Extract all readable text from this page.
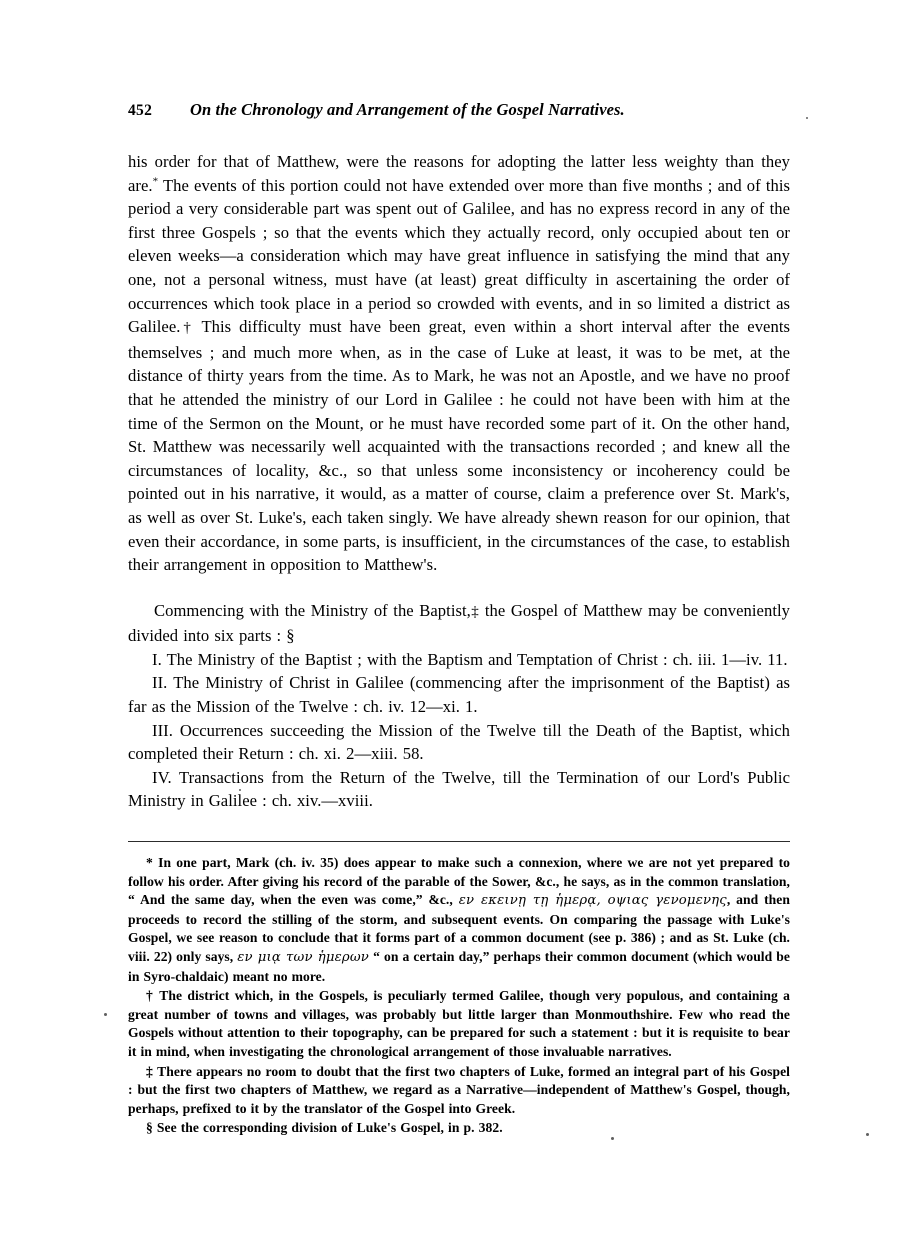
452	On the Chronology and Arrangement of the Gospel Narratives.

his order for that of Matthew, were the reasons for adopting the latter less weighty than they are.* The events of this portion could not have extended over more than five months ; and of this period a very considerable part was spent out of Galilee, and has no express record in any of the first three Gospels ; so that the events which they actually record, only occupied about ten or eleven weeks—a consideration which may have great influence in satisfying the mind that any one, not a personal witness, must have (at least) great difficulty in ascertaining the order of occurrences which took place in a period so crowded with events, and in so limited a district as Galilee.† This difficulty must have been great, even within a short interval after the events themselves ; and much more when, as in the case of Luke at least, it was to be met, at the distance of thirty years from the time. As to Mark, he was not an Apostle, and we have no proof that he attended the ministry of our Lord in Galilee : he could not have been with him at the time of the Sermon on the Mount, or he must have recorded some part of it. On the other hand, St. Matthew was necessarily well acquainted with the transactions recorded ; and knew all the circumstances of locality, &c., so that unless some inconsistency or incoherency could be pointed out in his narrative, it would, as a matter of course, claim a preference over St. Mark's, as well as over St. Luke's, each taken singly. We have already shewn reason for our opinion, that even their accordance, in some parts, is insufficient, in the circumstances of the case, to establish their arrangement in opposition to Matthew's.

Commencing with the Ministry of the Baptist,‡ the Gospel of Matthew may be conveniently divided into six parts : §

I. The Ministry of the Baptist ; with the Baptism and Temptation of Christ : ch. iii. 1—iv. 11.

II. The Ministry of Christ in Galilee (commencing after the imprisonment of the Baptist) as far as the Mission of the Twelve : ch. iv. 12—xi. 1.

III. Occurrences succeeding the Mission of the Twelve till the Death of the Baptist, which completed their Return : ch. xi. 2—xiii. 58.

IV. Transactions from the Return of the Twelve, till the Termination of our Lord's Public Ministry in Galilee : ch. xiv.—xviii.

* In one part, Mark (ch. iv. 35) does appear to make such a connexion, where we are not yet prepared to follow his order. After giving his record of the parable of the Sower, &c., he says, as in the common translation, “ And the same day, when the even was come,” &c., εν εκεινῃ τῃ ἡμερᾳ, οψιας γενομενης, and then proceeds to record the stilling of the storm, and subsequent events. On comparing the passage with Luke's Gospel, we see reason to conclude that it forms part of a common document (see p. 386) ; and as St. Luke (ch. viii. 22) only says, εν μιᾳ των ἡμερων “ on a certain day,” perhaps their common document (which would be in Syro-chaldaic) meant no more.

† The district which, in the Gospels, is peculiarly termed Galilee, though very populous, and containing a great number of towns and villages, was probably but little larger than Monmouthshire. Few who read the Gospels without attention to their topography, can be prepared for such a statement : but it is requisite to bear it in mind, when investigating the chronological arrangement of those invaluable narratives.

‡ There appears no room to doubt that the first two chapters of Luke, formed an integral part of his Gospel : but the first two chapters of Matthew, we regard as a Narrative—independent of Matthew's Gospel, though, perhaps, prefixed to it by the translator of the Gospel into Greek.

§ See the corresponding division of Luke's Gospel, in p. 382.
